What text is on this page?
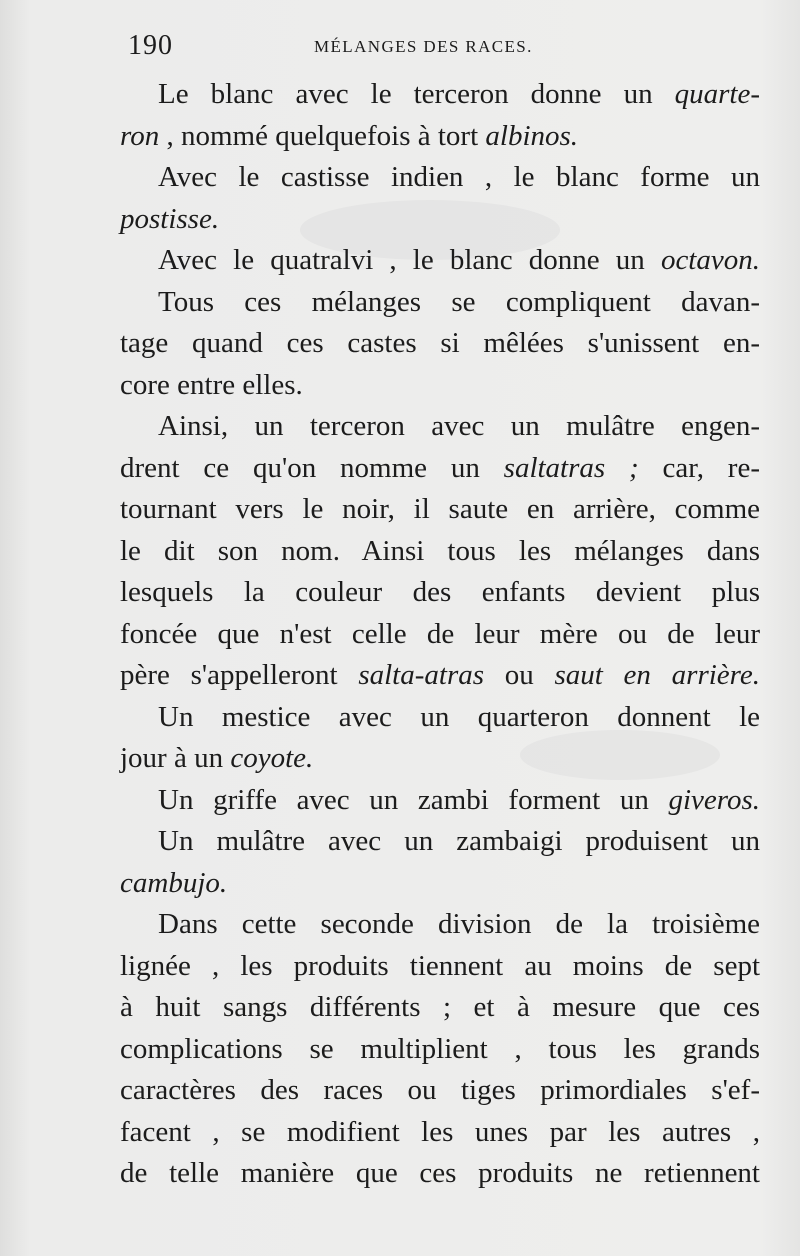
190	MÉLANGES DES RACES.
Le blanc avec le terceron donne un quarte-
ron , nommé quelquefois à tort albinos.
Avec le castisse indien , le blanc forme un
postisse.
Avec le quatralvi , le blanc donne un octavon.
Tous ces mélanges se compliquent davan-
tage quand ces castes si mêlées s'unissent en-
core entre elles.
Ainsi, un terceron avec un mulâtre engen-
drent ce qu'on nomme un saltatras ; car, re-
tournant vers le noir, il saute en arrière, comme
le dit son nom. Ainsi tous les mélanges dans
lesquels la couleur des enfants devient plus
foncée que n'est celle de leur mère ou de leur
père s'appelleront salta-atras ou saut en arrière.
Un mestice avec un quarteron donnent le
jour à un coyote.
Un griffe avec un zambi forment un giveros.
Un mulâtre avec un zambaigi produisent un
cambujo.
Dans cette seconde division de la troisième
lignée , les produits tiennent au moins de sept
à huit sangs différents ; et à mesure que ces
complications se multiplient , tous les grands
caractères des races ou tiges primordiales s'ef-
facent , se modifient les unes par les autres ,
de telle manière que ces produits ne retiennent
